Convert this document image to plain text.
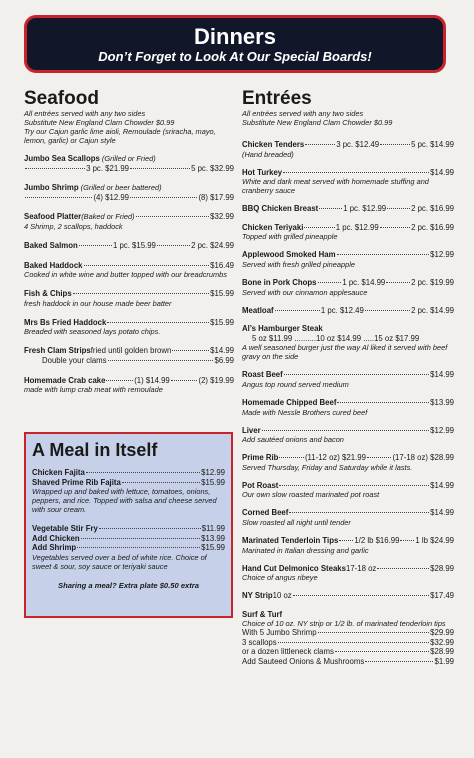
Dinners
Don’t Forget to Look At Our Special Boards!
Seafood
All entrées served with any two sides
Substitute New England Clam Chowder $0.99
Try our Cajun garlic lime aioli, Remoulade (sriracha, mayo, lemon, garlic) or Cajun style
Jumbo Sea Scallops (Grilled or Fried)
3 pc. $21.99	5 pc. $32.99
Jumbo Shrimp (Grilled or beer battered)
(4) $12.99	(8) $17.99
Seafood Platter (Baked or Fried)	$32.99
4 Shrimp, 2 scallops, haddock
Baked Salmon	1 pc. $15.99	2 pc. $24.99
Baked Haddock	$16.49
Cooked in white wine and butter topped with our breadcrumbs
Fish & Chips	$15.99
fresh haddock in our house made beer batter
Mrs Bs Fried Haddock	$15.99
Breaded with seasoned lays potato chips.
Fresh Clam Strips fried until golden brown	$14.99
Double your clams	$6.99
Homemade Crab cake	(1) $14.99	(2) $19.99
made with lump crab meat with remoulade
A Meal in Itself
Chicken Fajita	$12.99
Shaved Prime Rib Fajita	$15.99
Wrapped up and baked with lettuce, tomatoes, onions, peppers, and rice. Topped with salsa and cheese served with sour cream.
Vegetable Stir Fry	$11.99
Add Chicken	$13.99
Add Shrimp	$15.99
Vegetables served over a bed of white rice. Choice of sweet & sour, soy sauce or teriyaki sauce
Sharing a meal? Extra plate $0.50 extra
Entrées
All entrées served with any two sides
Substitute New England Clam Chowder $0.99
Chicken Tenders	3 pc. $12.49	5 pc. $14.99
(Hand breaded)
Hot Turkey	$14.99
White and dark meat served with homemade stuffing and cranberry sauce
BBQ Chicken Breast	1 pc. $12.99	2 pc. $16.99
Chicken Teriyaki	1 pc. $12.99	2 pc. $16.99
Topped with grilled pineapple
Applewood Smoked Ham	$12.99
Served with fresh grilled pineapple
Bone in Pork Chops	1 pc. $14.99	2 pc. $19.99
Served with our cinnamon applesauce
Meatloaf	1 pc. $12.49	2 pc. $14.99
Al’s Hamburger Steak
5 oz $11.99 ..........10 oz $14.99 .....15 oz $17.99
A well seasoned burger just the way Al liked it served with beef gravy on the side
Roast Beef	$14.99
Angus top round served medium
Homemade Chipped Beef	$13.99
Made with Nessle Brothers cured beef
Liver	$12.99
Add sautéed onions and bacon
Prime Rib	(11-12 oz) $21.99	(17-18 oz) $28.99
Served Thursday, Friday and Saturday while it lasts.
Pot Roast	$14.99
Our own slow roasted marinated pot roast
Corned Beef	$14.99
Slow roasted all night until tender
Marinated Tenderloin Tips 1/2 lb $16.99 1 lb $24.99
Marinated in Italian dressing and garlic
Hand Cut Delmonico Steaks 17-18 oz	$28.99
Choice of angus ribeye
NY Strip 10 oz	$17.49
Surf & Turf
Choice of 10 oz. NY strip or 1/2 lb. of marinated tenderloin tips
With 5 Jumbo Shrimp	$29.99
3 scallops	$32.99
or a dozen littleneck clams	$28.99
Add Sauteed Onions & Mushrooms	$1.99
